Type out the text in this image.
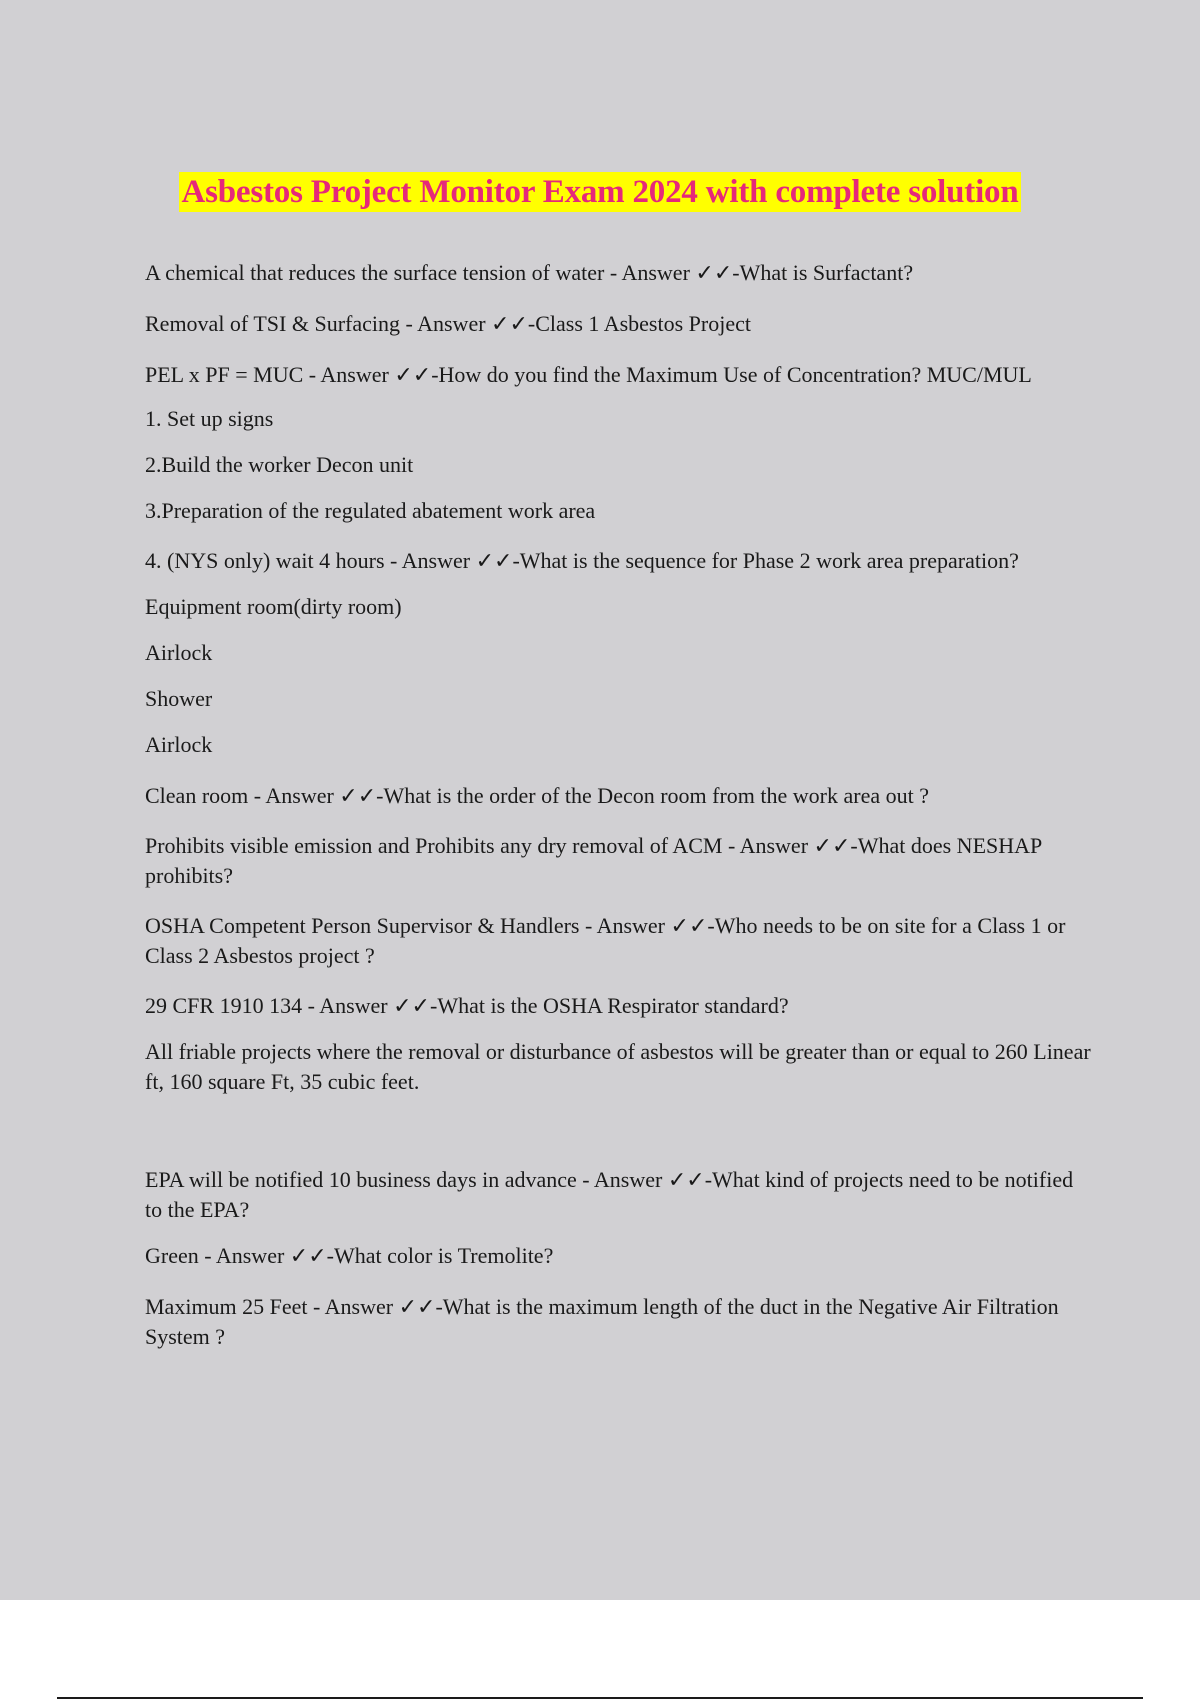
Asbestos Project Monitor Exam 2024 with complete solution

A chemical that reduces the surface tension of water - Answer ✓✓-What is Surfactant?

Removal of TSI & Surfacing - Answer ✓✓-Class 1 Asbestos Project

PEL x PF = MUC - Answer ✓✓-How do you find the Maximum Use of Concentration? MUC/MUL

1. Set up signs

2.Build the worker Decon unit

3.Preparation of the regulated abatement work area

4. (NYS only) wait 4 hours - Answer ✓✓-What is the sequence for Phase 2 work area preparation?

Equipment room(dirty room)

Airlock

Shower

Airlock

Clean room - Answer ✓✓-What is the order of the Decon room from the work area out ?

Prohibits visible emission and Prohibits any dry removal of ACM - Answer ✓✓-What does NESHAP prohibits?

OSHA Competent Person Supervisor & Handlers - Answer ✓✓-Who needs to be on site for a Class 1 or Class 2 Asbestos project ?

29 CFR 1910 134 - Answer ✓✓-What is the OSHA Respirator standard?

All friable projects where the removal or disturbance of asbestos will be greater than or equal to 260 Linear ft, 160 square Ft, 35 cubic feet.

EPA will be notified 10 business days in advance - Answer ✓✓-What kind of projects need to be notified to the EPA?

Green - Answer ✓✓-What color is Tremolite?

Maximum 25 Feet - Answer ✓✓-What is the maximum length of the duct in the Negative Air Filtration System ?
